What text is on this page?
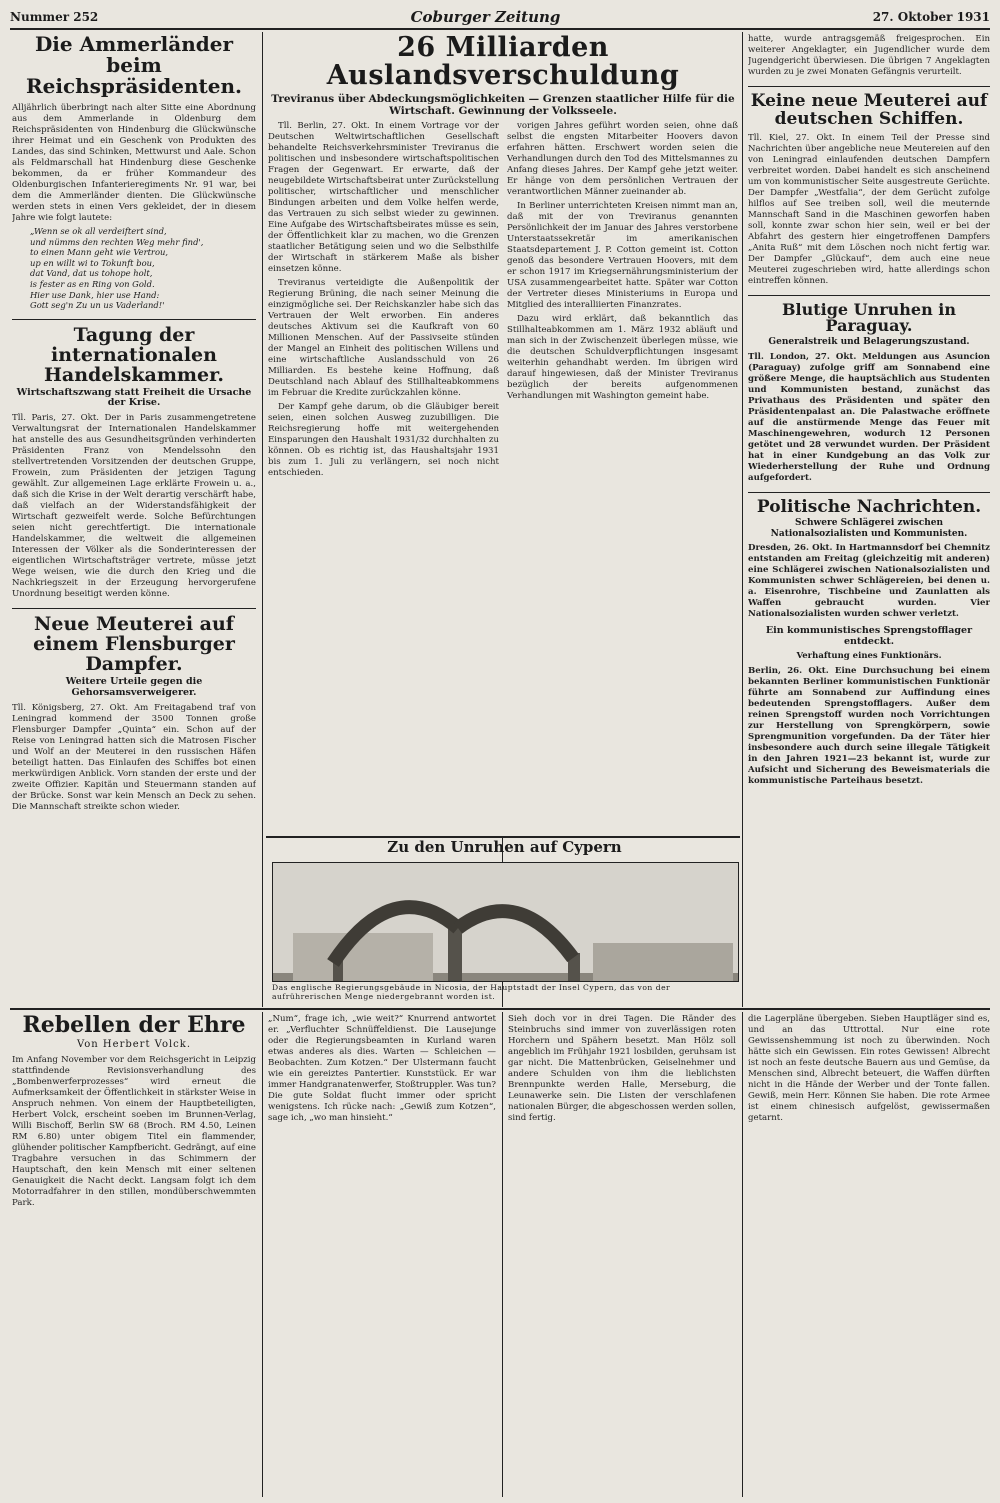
Nummer 252	Coburger Zeitung	27. Oktober 1931
Die Ammerländer beim Reichspräsidenten.
Alljährlich überbringt nach alter Sitte eine Abordnung aus dem Ammerlande in Oldenburg dem Reichspräsidenten von Hindenburg die Glückwünsche ihrer Heimat und ein Geschenk von Produkten des Landes, das sind Schinken, Mettwurst und Aale. Schon als Feldmarschall hat Hindenburg diese Geschenke bekommen, da er früher Kommandeur des Oldenburgischen Infanterieregiments Nr. 91 war, bei dem die Ammerländer dienten. Die Glückwünsche werden stets in einen Vers gekleidet, der in diesem Jahre wie folgt lautete:
„Wenn se ok all verdeiftert sind,
und nümms den rechten Weg mehr find',
to einen Mann geht wie Vertrou,
up en willt wi to Tokunft bou,
dat Vand, dat us tohope holt,
is fester as en Ring von Gold.
Hier use Dank, hier use Hand:
Gott seg'n Zu un us Vaderland!'
Tagung der internationalen Handelskammer.
Wirtschaftszwang statt Freiheit die Ursache der Krise.
Tll. Paris, 27. Okt. Der in Paris zusammengetretene Verwaltungsrat der Internationalen Handelskammer hat anstelle des aus Gesundheitsgründen verhinderten Präsidenten Franz von Mendelssohn den stellvertretenden Vorsitzenden der deutschen Gruppe, Frowein, zum Präsidenten der jetzigen Tagung gewählt. Zur allgemeinen Lage erklärte Frowein u. a., daß sich die Krise in der Welt derartig verschärft habe, daß vielfach an der Widerstandsfähigkeit der Wirtschaft gezweifelt werde. Solche Befürchtungen seien nicht gerechtfertigt. Die internationale Handelskammer, die weltweit die allgemeinen Interessen der Völker als die Sonderinteressen der eigentlichen Wirtschaftsträger vertrete, müsse jetzt Wege weisen, wie die durch den Krieg und die Nachkriegszeit in der Erzeugung hervorgerufene Unordnung beseitigt werden könne.
Neue Meuterei auf einem Flensburger Dampfer.
Weitere Urteile gegen die Gehorsamsverweigerer.
Tll. Königsberg, 27. Okt. Am Freitagabend traf von Leningrad kommend der 3500 Tonnen große Flensburger Dampfer „Quinta“ ein. Schon auf der Reise von Leningrad hatten sich die Matrosen Fischer und Wolf an der Meuterei in den russischen Häfen beteiligt hatten. Das Einlaufen des Schiffes bot einen merkwürdigen Anblick. Vorn standen der erste und der zweite Offizier. Kapitän und Steuermann standen auf der Brücke. Sonst war kein Mensch an Deck zu sehen. Die Mannschaft streikte schon wieder.
26 Milliarden Auslandsverschuldung
Treviranus über Abdeckungsmöglichkeiten — Grenzen staatlicher Hilfe für die Wirtschaft. Gewinnung der Volksseele.

Tll. Berlin, 27. Okt. In einem Vortrage vor der Deutschen Weltwirtschaftlichen Gesellschaft behandelte Reichsverkehrsminister Treviranus die politischen und insbesondere wirtschaftspolitischen Fragen der Gegenwart. Er erwarte, daß der neugebildete Wirtschaftsbeirat unter Zurückstellung politischer, wirtschaftlicher und menschlicher Bindungen arbeiten und dem Volke helfen werde, das Vertrauen zu sich selbst wieder zu gewinnen. Eine Aufgabe des Wirtschaftsbeirates müsse es sein, der Öffentlichkeit klar zu machen, wo die Grenzen staatlicher Betätigung seien und wo die Selbsthilfe der Wirtschaft in stärkerem Maße als bisher einsetzen könne.

Treviranus verteidigte die Außenpolitik der Regierung Brüning, die nach seiner Meinung die einzigmögliche sei. Der Reichskanzler habe sich das Vertrauen der Welt erworben. Ein anderes deutsches Aktivum sei die Kaufkraft von 60 Millionen Menschen. Auf der Passivseite stünden der Mangel an Einheit des politischen Willens und eine wirtschaftliche Auslandsschuld von 26 Milliarden. Es bestehe keine Hoffnung, daß Deutschland nach Ablauf des Stillhalteabkommens im Februar die Kredite zurückzahlen könne.

Der Kampf gehe darum, ob die Gläubiger bereit seien, einen solchen Ausweg zuzubilligen. Die Reichsregierung hoffe mit weitergehenden Einsparungen den Haushalt 1931/32 durchhalten zu können. Ob es richtig ist, das Haushaltsjahr 1931 bis zum 1. Juli zu verlängern, sei noch nicht entschieden.

vorigen Jahres geführt worden seien, ohne daß selbst die engsten Mitarbeiter Hoovers davon erfahren hätten. Erschwert worden seien die Verhandlungen durch den Tod des Mittelsmannes zu Anfang dieses Jahres. Der Kampf gehe jetzt weiter. Er hänge von dem persönlichen Vertrauen der verantwortlichen Männer zueinander ab.

In Berliner unterrichteten Kreisen nimmt man an, daß mit der von Treviranus genannten Persönlichkeit der im Januar des Jahres verstorbene Unterstaatssekretär im amerikanischen Staatsdepartement J. P. Cotton gemeint ist. Cotton genoß das besondere Vertrauen Hoovers, mit dem er schon 1917 im Kriegsernährungsministerium der USA zusammengearbeitet hatte. Später war Cotton der Vertreter dieses Ministeriums in Europa und Mitglied des interalliierten Finanzrates.

Dazu wird erklärt, daß bekanntlich das Stillhalteabkommen am 1. März 1932 abläuft und man sich in der Zwischenzeit überlegen müsse, wie die deutschen Schuldverpflichtungen insgesamt weiterhin gehandhabt werden. Im übrigen wird darauf hingewiesen, daß der Minister Treviranus bezüglich der bereits aufgenommenen Verhandlungen mit Washington gemeint habe.

Zu den Unruhen auf Cypern
Das englische Regierungsgebäude in Nicosia, der Hauptstadt der Insel Cypern, das von der aufrührerischen Menge niedergebrannt worden ist.
hatte, wurde antragsgemäß freigesprochen. Ein weiterer Angeklagter, ein Jugendlicher wurde dem Jugendgericht überwiesen. Die übrigen 7 Angeklagten wurden zu je zwei Monaten Gefängnis verurteilt.
Keine neue Meuterei auf deutschen Schiffen.
Tll. Kiel, 27. Okt. In einem Teil der Presse sind Nachrichten über angebliche neue Meutereien auf den von Leningrad einlaufenden deutschen Dampfern verbreitet worden. Dabei handelt es sich anscheinend um von kommunistischer Seite ausgestreute Gerüchte. Der Dampfer „Westfalia“, der dem Gerücht zufolge hilflos auf See treiben soll, weil die meuternde Mannschaft Sand in die Maschinen geworfen haben soll, konnte zwar schon hier sein, weil er bei der Abfahrt des gestern hier eingetroffenen Dampfers „Anita Ruß“ mit dem Löschen noch nicht fertig war. Der Dampfer „Glückauf“, dem auch eine neue Meuterei zugeschrieben wird, hatte allerdings schon eintreffen können.
Blutige Unruhen in Paraguay.
Generalstreik und Belagerungszustand.
Tll. London, 27. Okt. Meldungen aus Asuncion (Paraguay) zufolge griff am Sonnabend eine größere Menge, die hauptsächlich aus Studenten und Kommunisten bestand, zunächst das Privathaus des Präsidenten und später den Präsidentenpalast an. Die Palastwache eröffnete auf die anstürmende Menge das Feuer mit Maschinengewehren, wodurch 12 Personen getötet und 28 verwundet wurden. Der Präsident hat in einer Kundgebung an das Volk zur Wiederherstellung der Ruhe und Ordnung aufgefordert.
Politische Nachrichten.
Schwere Schlägerei zwischen Nationalsozialisten und Kommunisten.
Dresden, 26. Okt. In Hartmannsdorf bei Chemnitz entstanden am Freitag (gleichzeitig mit anderen) eine Schlägerei zwischen Nationalsozialisten und Kommunisten schwer Schlägereien, bei denen u. a. Eisenrohre, Tischbeine und Zaunlatten als Waffen gebraucht wurden. Vier Nationalsozialisten wurden schwer verletzt.
Ein kommunistisches Sprengstofflager entdeckt.
Verhaftung eines Funktionärs.
Berlin, 26. Okt. Eine Durchsuchung bei einem bekannten Berliner kommunistischen Funktionär führte am Sonnabend zur Auffindung eines bedeutenden Sprengstofflagers. Außer dem reinen Sprengstoff wurden noch Vorrichtungen zur Herstellung von Sprengkörpern, sowie Sprengmunition vorgefunden. Da der Täter hier insbesondere auch durch seine illegale Tätigkeit in den Jahren 1921—23 bekannt ist, wurde zur Aufsicht und Sicherung des Beweismaterials die kommunistische Parteihaus besetzt.
Rebellen der Ehre
Von Herbert Volck.
Im Anfang November vor dem Reichsgericht in Leipzig stattfindende Revisionsverhandlung des „Bombenwerferprozesses“ wird erneut die Aufmerksamkeit der Öffentlichkeit in stärkster Weise in Anspruch nehmen. Von einem der Hauptbeteiligten, Herbert Volck, erscheint soeben im Brunnen-Verlag, Willi Bischoff, Berlin SW 68 (Broch. RM 4.50, Leinen RM 6.80) unter obigem Titel ein flammender, glühender politischer Kampfbericht. Gedrängt, auf eine Tragbahre versuchen in das Schimmern der Hauptschaft, den kein Mensch mit einer seltenen Genauigkeit die Nacht deckt. Langsam folgt ich dem Motorradfahrer in den stillen, mondüberschwemmten Park.
„Num“, frage ich, „wie weit?“ Knurrend antwortet er. „Verfluchter Schnüffeldienst. Die Lausejunge oder die Regierungsbeamten in Kurland waren etwas anderes als dies. Warten — Schleichen — Beobachten. Zum Kotzen.“ Der Ulstermann faucht wie ein gereiztes Pantertier. Kunststück. Er war immer Handgranatenwerfer, Stoßtruppler. Was tun? Die gute Soldat flucht immer oder spricht wenigstens. Ich rücke nach: „Gewiß zum Kotzen“, sage ich, „wo man hinsieht.“
Sieh doch vor in drei Tagen. Die Ränder des Steinbruchs sind immer von zuverlässigen roten Horchern und Spähern besetzt. Man Hölz soll angeblich im Frühjahr 1921 losbilden, geruhsam ist gar nicht. Die Mattenbrücken, Geiselnehmer und andere Schulden von ihm die lieblichsten Brennpunkte werden Halle, Merseburg, die Leunawerke sein. Die Listen der verschlafenen nationalen Bürger, die abgeschossen werden sollen, sind fertig.
die Lagerpläne übergeben. Sieben Hauptläger sind es, und an das Uttrottal. Nur eine rote Gewissenshemmung ist noch zu überwinden. Noch hätte sich ein Gewissen. Ein rotes Gewissen! Albrecht ist noch an feste deutsche Bauern aus und Gemüse, da Menschen sind, Albrecht beteuert, die Waffen dürften nicht in die Hände der Werber und der Tonte fallen. Gewiß, mein Herr. Können Sie haben. Die rote Armee ist einem chinesisch aufgelöst, gewissermaßen getarnt.
